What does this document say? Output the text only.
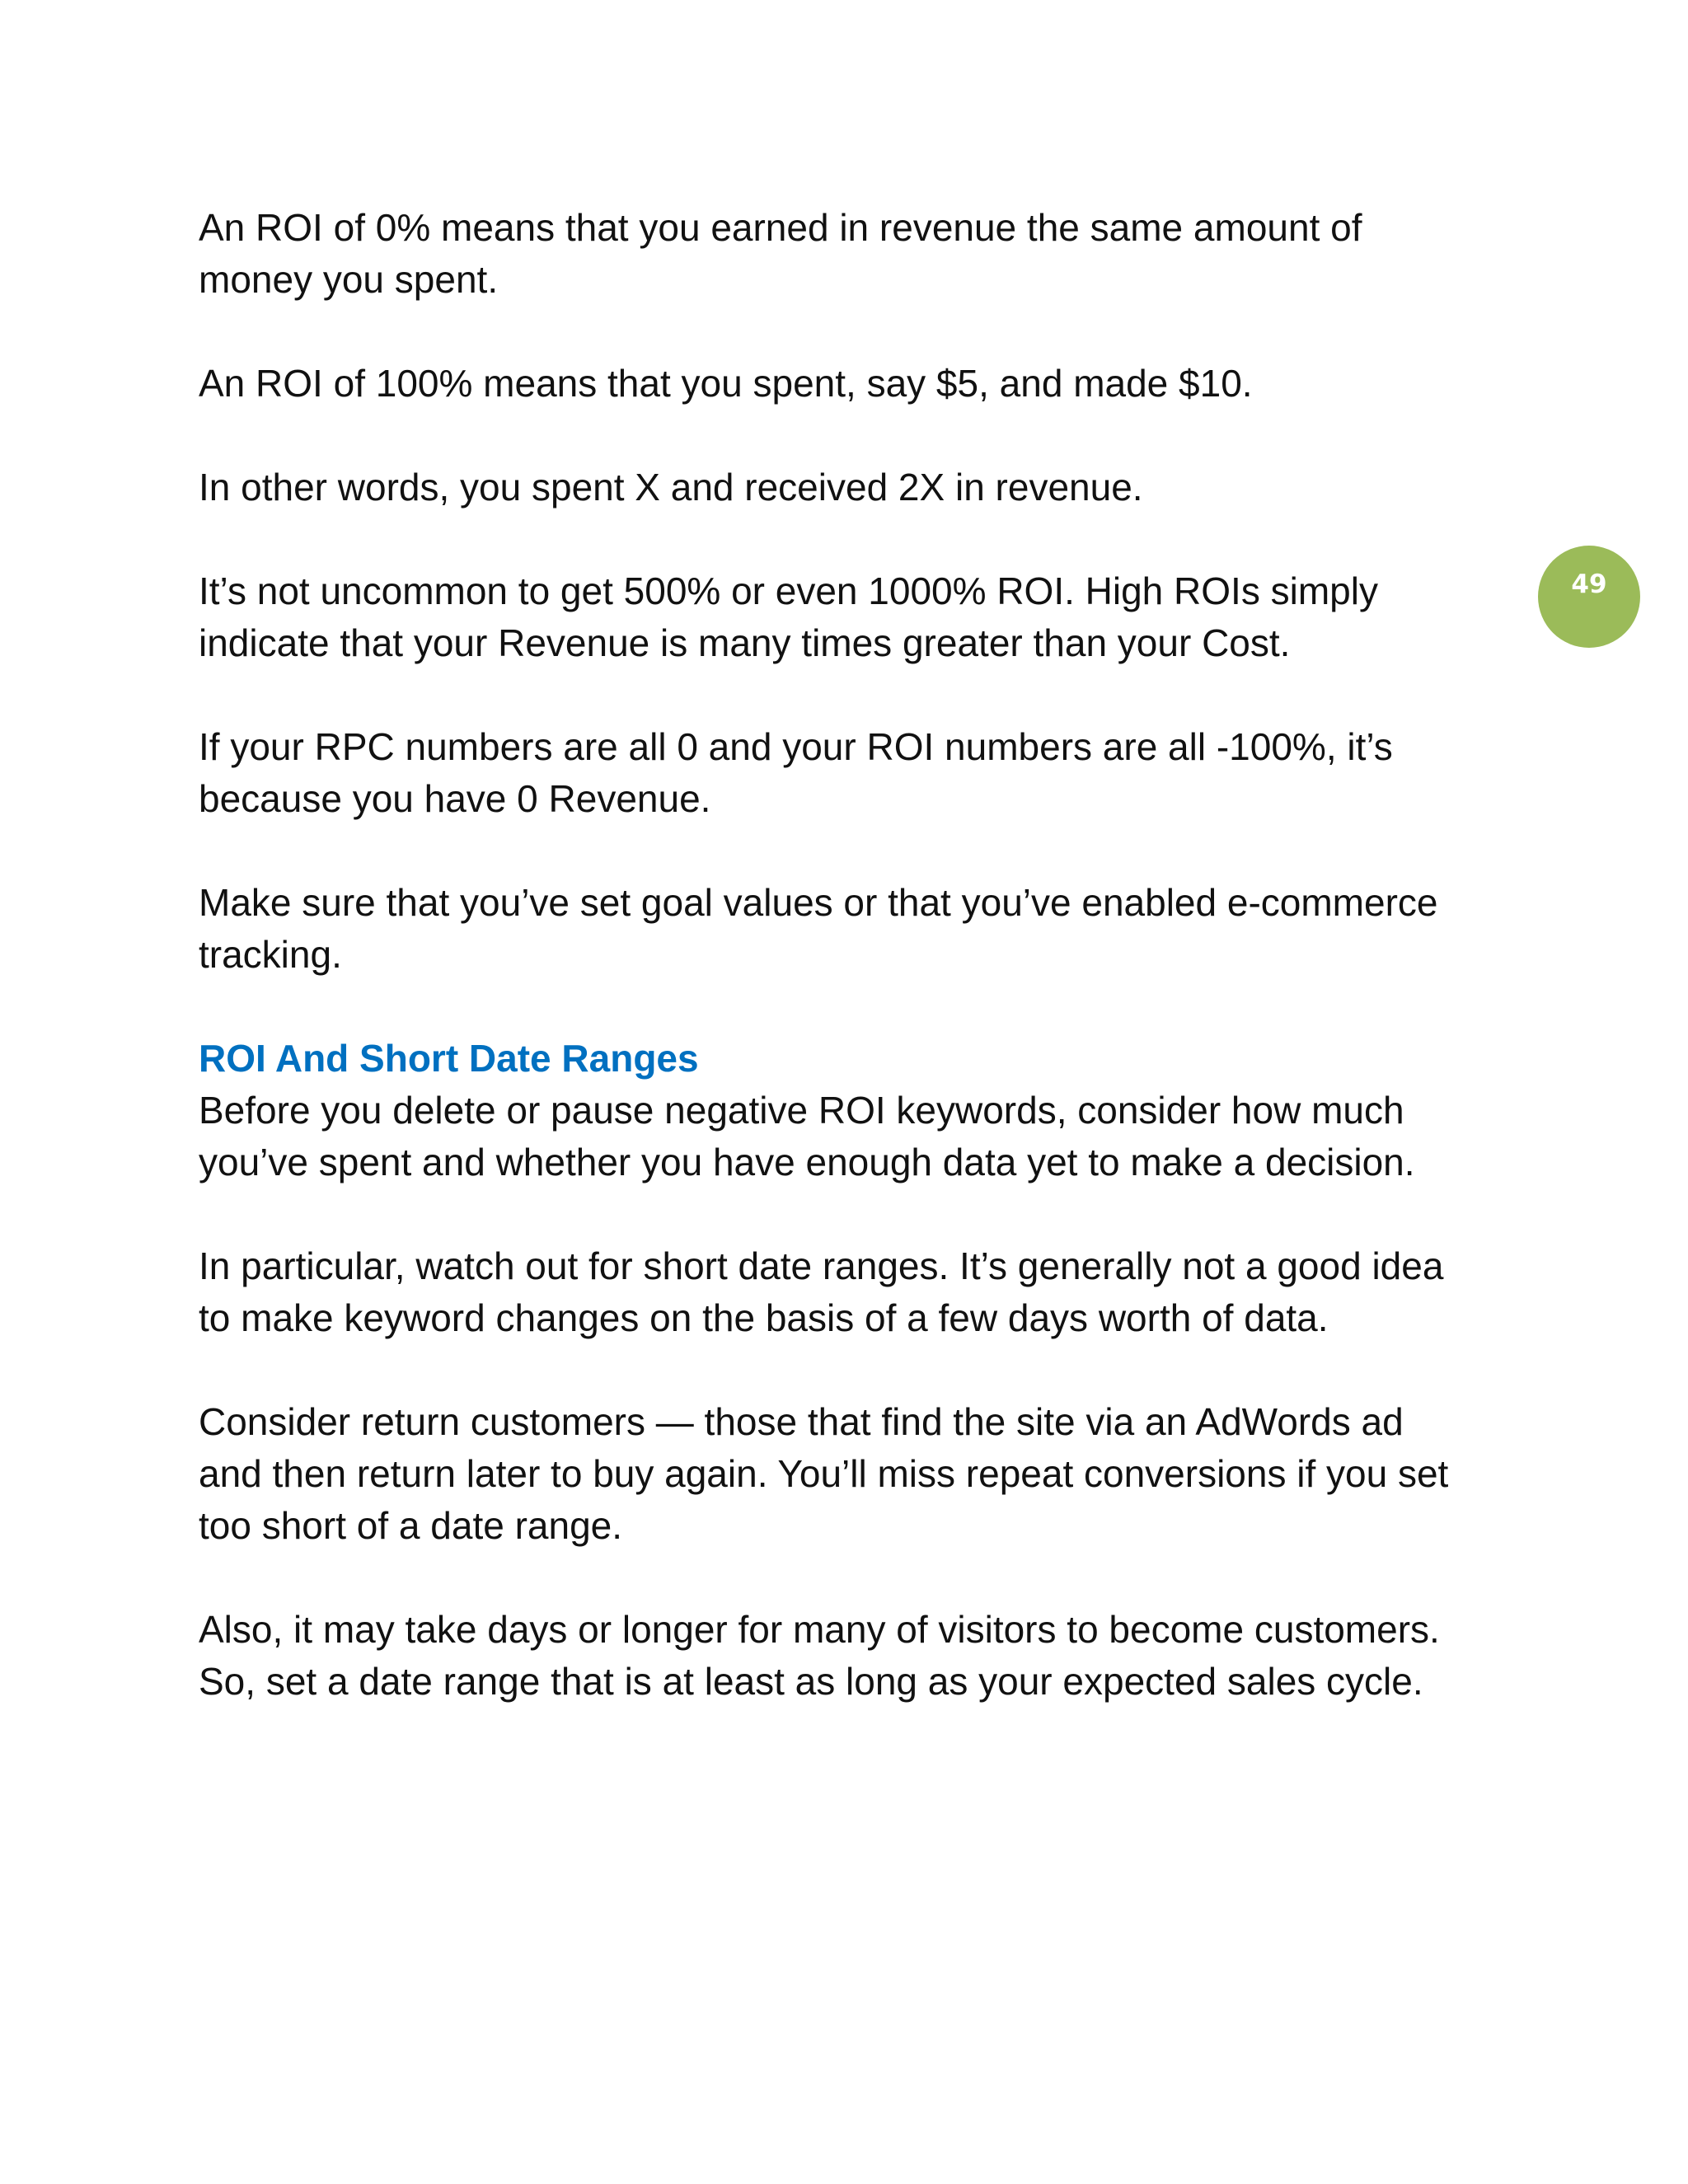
49

An ROI of 0% means that you earned in revenue the same amount of
money you spent.

An ROI of 100% means that you spent, say $5, and made $10.

In other words, you spent X and received 2X in revenue.

It’s not uncommon to get 500% or even 1000% ROI. High ROIs simply
indicate that your Revenue is many times greater than your Cost.

If your RPC numbers are all 0 and your ROI numbers are all -100%, it’s
because you have 0 Revenue.

Make sure that you’ve set goal values or that you’ve enabled e-commerce
tracking.

ROI And Short Date Ranges

Before you delete or pause negative ROI keywords, consider how much
you’ve spent and whether you have enough data yet to make a decision.

In particular, watch out for short date ranges. It’s generally not a good idea
to make keyword changes on the basis of a few days worth of data.

Consider return customers — those that find the site via an AdWords ad
and then return later to buy again. You’ll miss repeat conversions if you set
too short of a date range.

Also, it may take days or longer for many of visitors to become customers.
So, set a date range that is at least as long as your expected sales cycle.
